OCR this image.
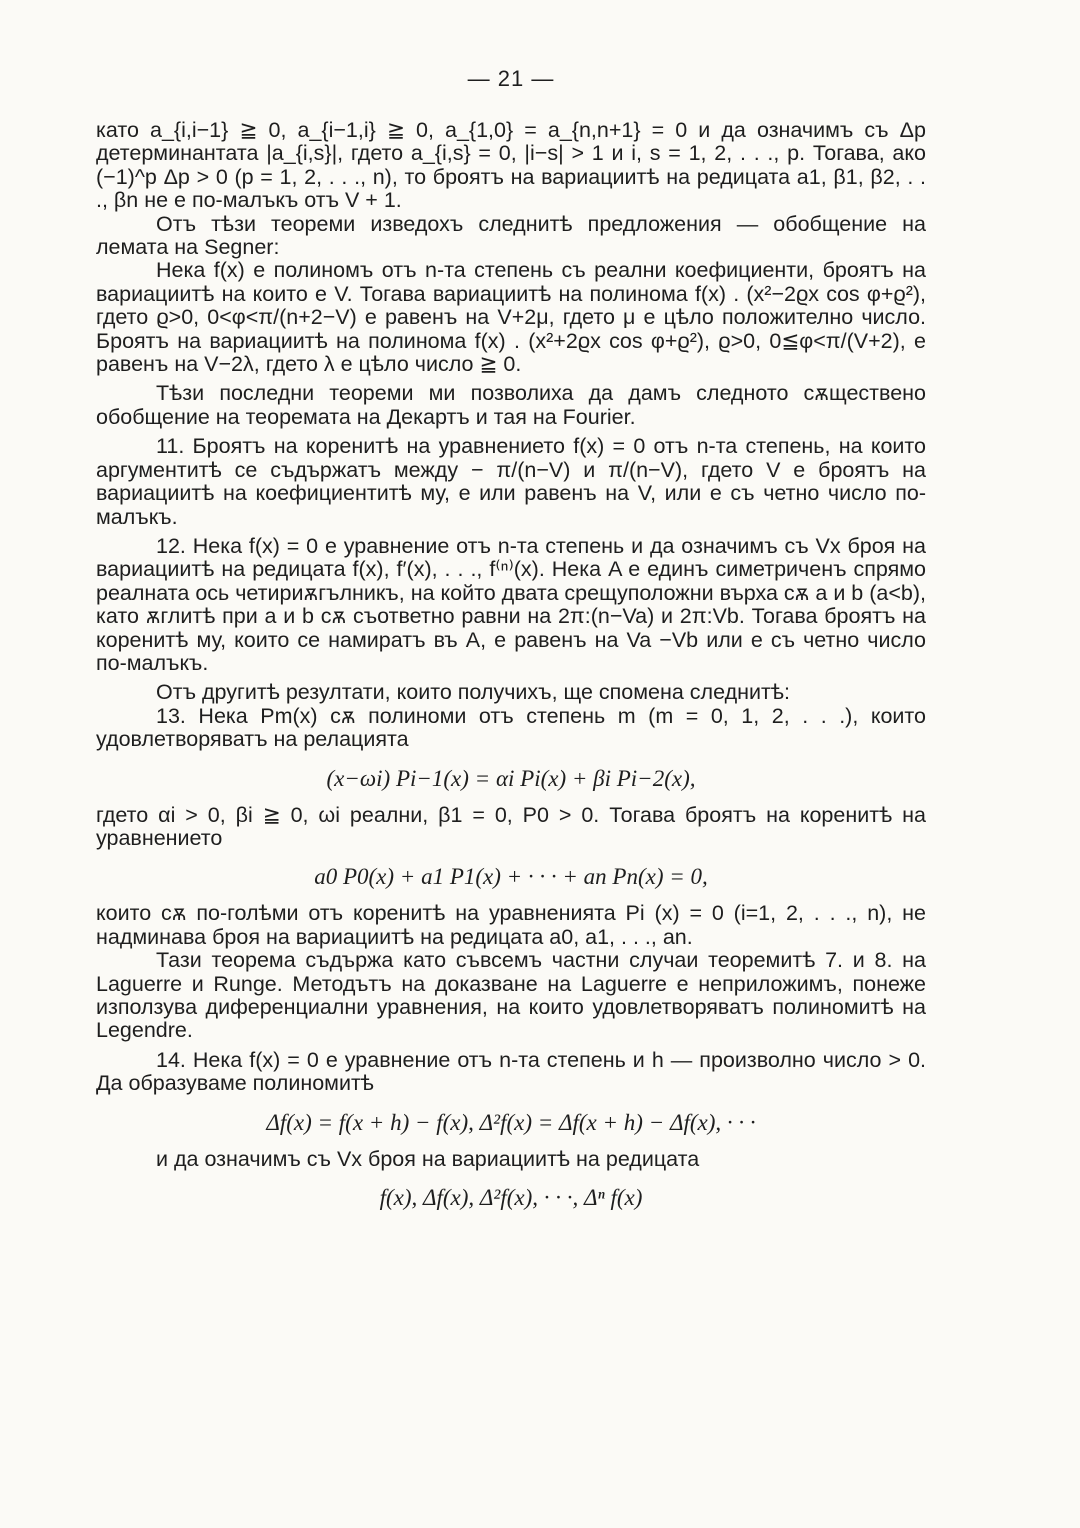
— 21 —

като a_{i,i−1} ≧ 0, a_{i−1,i} ≧ 0, a_{1,0} = a_{n,n+1} = 0 и да означимъ съ Δp детерминантата |a_{i,s}|, гдето a_{i,s} = 0, |i−s| > 1 и i, s = 1, 2, . . ., p. Тогава, ако (−1)^p Δp > 0 (p = 1, 2, . . ., n), то броятъ на вариациитѣ на редицата a1, β1, β2, . . ., βn не е по-малъкъ отъ V + 1.

Отъ тѣзи теореми изведохъ следнитѣ предложения — обобщение на лемата на Segner:

Нека f(x) е полиномъ отъ n-та степень съ реални коефициенти, броятъ на вариациитѣ на които е V. Тогава вариациитѣ на полинома f(x) . (x²−2ϱx cos φ+ϱ²), гдето ϱ>0, 0<φ<π/(n+2−V) е равенъ на V+2μ, гдето μ е цѣло положително число. Броятъ на вариациитѣ на полинома f(x) . (x²+2ϱx cos φ+ϱ²), ϱ>0, 0≦φ<π/(V+2), е равенъ на V−2λ, гдето λ е цѣло число ≧ 0.

Тѣзи последни теореми ми позволиха да дамъ следното сѫществено обобщение на теоремата на Декартъ и тая на Fourier.

11. Броятъ на коренитѣ на уравнението f(x) = 0 отъ n-та степень, на които аргументитѣ се съдържатъ между − π/(n−V) и π/(n−V), гдето V е броятъ на вариациитѣ на коефициентитѣ му, е или равенъ на V, или е съ четно число по-малъкъ.

12. Нека f(x) = 0 е уравнение отъ n-та степень и да означимъ съ Vx броя на вариациитѣ на редицата f(x), f′(x), . . ., f⁽ⁿ⁾(x). Нека A е единъ симетриченъ спрямо реалната ось четириѫгълникъ, на който двата срещуположни върха сѫ a и b (a<b), като ѫглитѣ при a и b сѫ съответно равни на 2π:(n−Va) и 2π:Vb. Тогава броятъ на коренитѣ му, които се намиратъ въ A, е равенъ на Va −Vb или е съ четно число по-малъкъ.

Отъ другитѣ резултати, които получихъ, ще спомена следнитѣ:

13. Нека Pm(x) сѫ полиноми отъ степень m (m = 0, 1, 2, . . .), които удовлетворяватъ на релацията

(x−ωi) Pi−1(x) = αi Pi(x) + βi Pi−2(x),

гдето αi > 0, βi ≧ 0, ωi реални, β1 = 0, P0 > 0. Тогава броятъ на коренитѣ на уравнението

a0 P0(x) + a1 P1(x) + · · · + an Pn(x) = 0,

които сѫ по-голѣми отъ коренитѣ на уравненията Pi (x) = 0 (i=1, 2, . . ., n), не надминава броя на вариациитѣ на редицата a0, a1, . . ., an.

Тази теорема съдържа като съвсемъ частни случаи теоремитѣ 7. и 8. на Laguerre и Runge. Методътъ на доказване на Laguerre е неприложимъ, понеже използува диференциални уравнения, на които удовлетворяватъ полиномитѣ на Legendre.

14. Нека f(x) = 0 е уравнение отъ n-та степень и h — произволно число > 0. Да образуваме полиномитѣ

Δf(x) = f(x + h) − f(x), Δ²f(x) = Δf(x + h) − Δf(x), · · ·

и да означимъ съ Vx броя на вариациитѣ на редицата

f(x), Δf(x), Δ²f(x), · · ·, Δⁿ f(x)
